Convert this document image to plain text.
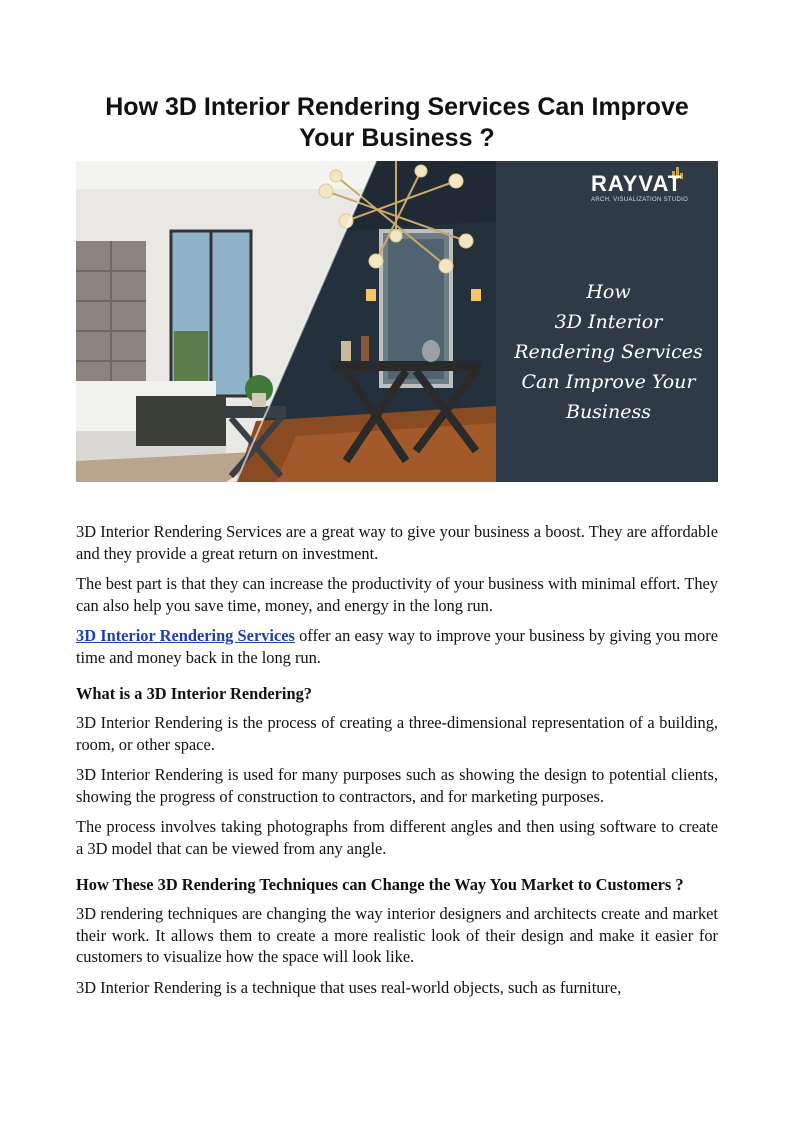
How 3D Interior Rendering Services Can Improve Your Business ?
RAYVAT
ARCH. VISUALIZATION STUDIO
How
3D Interior
Rendering Services
Can Improve Your
Business

3D Interior Rendering Services are a great way to give your business a boost. They are affordable and they provide a great return on investment.

The best part is that they can increase the productivity of your business with minimal effort. They can also help you save time, money, and energy in the long run.

3D Interior Rendering Services offer an easy way to improve your business by giving you more time and money back in the long run.

What is a 3D Interior Rendering?

3D Interior Rendering is the process of creating a three-dimensional representation of a building, room, or other space.

3D Interior Rendering is used for many purposes such as showing the design to potential clients, showing the progress of construction to contractors, and for marketing purposes.

The process involves taking photographs from different angles and then using software to create a 3D model that can be viewed from any angle.

How These 3D Rendering Techniques can Change the Way You Market to Customers ?

3D rendering techniques are changing the way interior designers and architects create and market their work. It allows them to create a more realistic look of their design and make it easier for customers to visualize how the space will look like.

3D Interior Rendering is a technique that uses real-world objects, such as furniture,
